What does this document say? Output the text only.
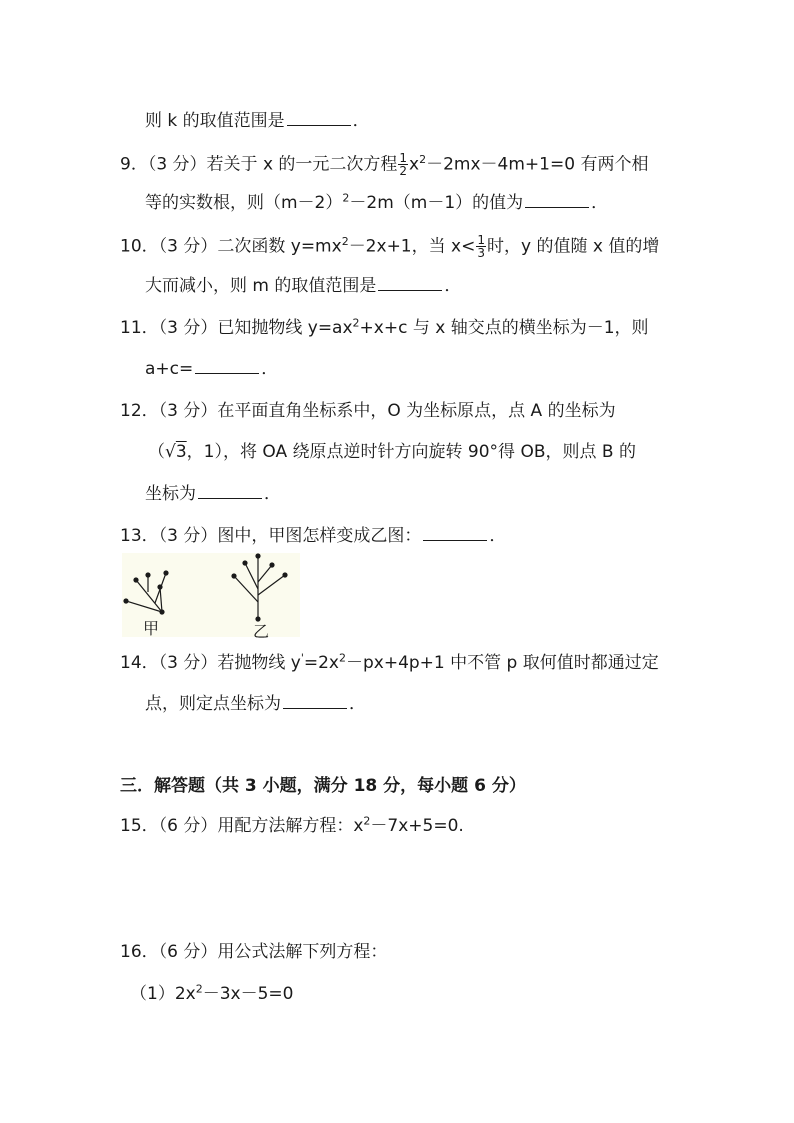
则 k 的取值范围是	．
9．（3 分）若关于 x 的一元二次方程 $\frac{1}{2} x^2-2mx-4m+1=0$ 有两个相
等的实数根，则$(m-2)^2-2m(m-1)$的值为	．
10．（3 分）二次函数 $y=mx^2-2x+1$，当 $x< \frac{1}{3}$ 时，y 的值随 x 值的增
大而减小，则 m 的取值范围是	．
11．（3 分）已知抛物线 $y=ax^2+x+c$ 与 x 轴交点的横坐标为－1，则
a+c=	．
12．（3 分）在平面直角坐标系中，O 为坐标原点，点 A 的坐标为
（√3，1），将 OA 绕原点逆时针方向旋转 90°得 OB，则点 B 的
坐标为	．
13．（3 分）图中，甲图怎样变成乙图：	．
甲	乙
14．（3 分）若抛物线 $y'=2x^2-px+4p+1$ 中不管 p 取何值时都通过定
点，则定点坐标为	．
三．解答题（共 3 小题，满分 18 分，每小题 6 分）
15．（6 分）用配方法解方程：$x^2-7x+5=0$.
16．（6 分）用公式法解下列方程：
$(1)2x^2-3x-5=0$
